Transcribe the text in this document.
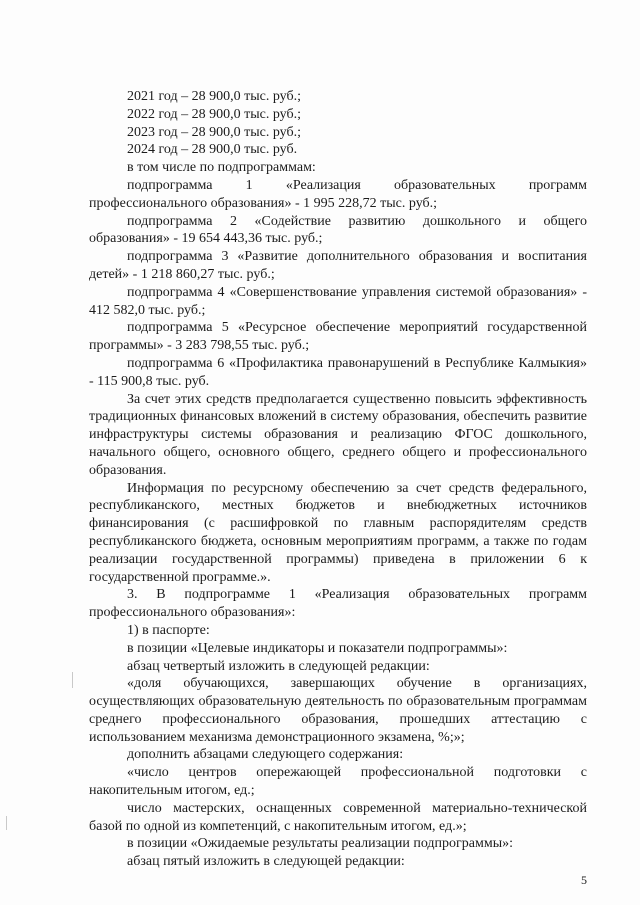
2021 год – 28 900,0 тыс. руб.;

2022 год – 28 900,0 тыс. руб.;

2023 год – 28 900,0 тыс. руб.;

2024 год – 28 900,0 тыс. руб.

в том числе по подпрограммам:

подпрограмма 1 «Реализация образовательных программ профессионального образования» - 1 995 228,72 тыс. руб.;

подпрограмма 2 «Содействие развитию дошкольного и общего образования» - 19 654 443,36 тыс. руб.;

подпрограмма 3 «Развитие дополнительного образования и воспитания детей» - 1 218 860,27 тыс. руб.;

подпрограмма 4 «Совершенствование управления системой образования» - 412 582,0 тыс. руб.;

подпрограмма 5 «Ресурсное обеспечение мероприятий государственной программы» - 3 283 798,55 тыс. руб.;

подпрограмма 6 «Профилактика правонарушений в Республике Калмыкия» - 115 900,8 тыс. руб.

За счет этих средств предполагается существенно повысить эффективность традиционных финансовых вложений в систему образования, обеспечить развитие инфраструктуры системы образования и реализацию ФГОС дошкольного, начального общего, основного общего, среднего общего и профессионального образования.

Информация по ресурсному обеспечению за счет средств федерального, республиканского, местных бюджетов и внебюджетных источников финансирования (с расшифровкой по главным распорядителям средств республиканского бюджета, основным мероприятиям программ, а также по годам реализации государственной программы) приведена в приложении 6 к государственной программе.».

3. В подпрограмме 1 «Реализация образовательных программ профессионального образования»:

1) в паспорте:

в позиции «Целевые индикаторы и показатели подпрограммы»:

абзац четвертый изложить в следующей редакции:

«доля обучающихся, завершающих обучение в организациях, осуществляющих образовательную деятельность по образовательным программам среднего профессионального образования, прошедших аттестацию с использованием механизма демонстрационного экзамена, %;»;

дополнить абзацами следующего содержания:

«число центров опережающей профессиональной подготовки с накопительным итогом, ед.;

число мастерских, оснащенных современной материально-технической базой по одной из компетенций, с накопительным итогом, ед.»;

в позиции «Ожидаемые результаты реализации подпрограммы»:

абзац пятый изложить в следующей редакции:

5
